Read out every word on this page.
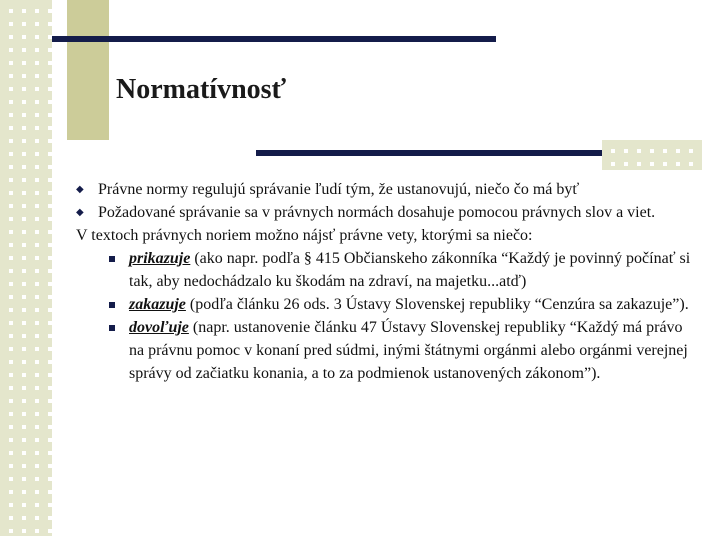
Normatívnosť
◆ Právne normy regulujú správanie ľudí tým, že ustanovujú, niečo čo má byť
◆ Požadované správanie sa v právnych normách dosahuje pomocou právnych slov a viet.
V textoch právnych noriem možno nájsť právne vety, ktorými sa niečo:
prikazuje (ako napr. podľa § 415 Občianskeho zákonníka “Každý je povinný počínať si tak, aby nedochádzalo ku škodám na zdraví, na majetku...atď)
zakazuje (podľa článku 26 ods. 3 Ústavy Slovenskej republiky “Cenzúra sa zakazuje”).
dovoľuje (napr. ustanovenie článku 47 Ústavy Slovenskej republiky “Každý má právo na právnu pomoc v konaní pred súdmi, inými štátnymi orgánmi alebo orgánmi verejnej správy od začiatku konania, a to za podmienok ustanovených zákonom”).
